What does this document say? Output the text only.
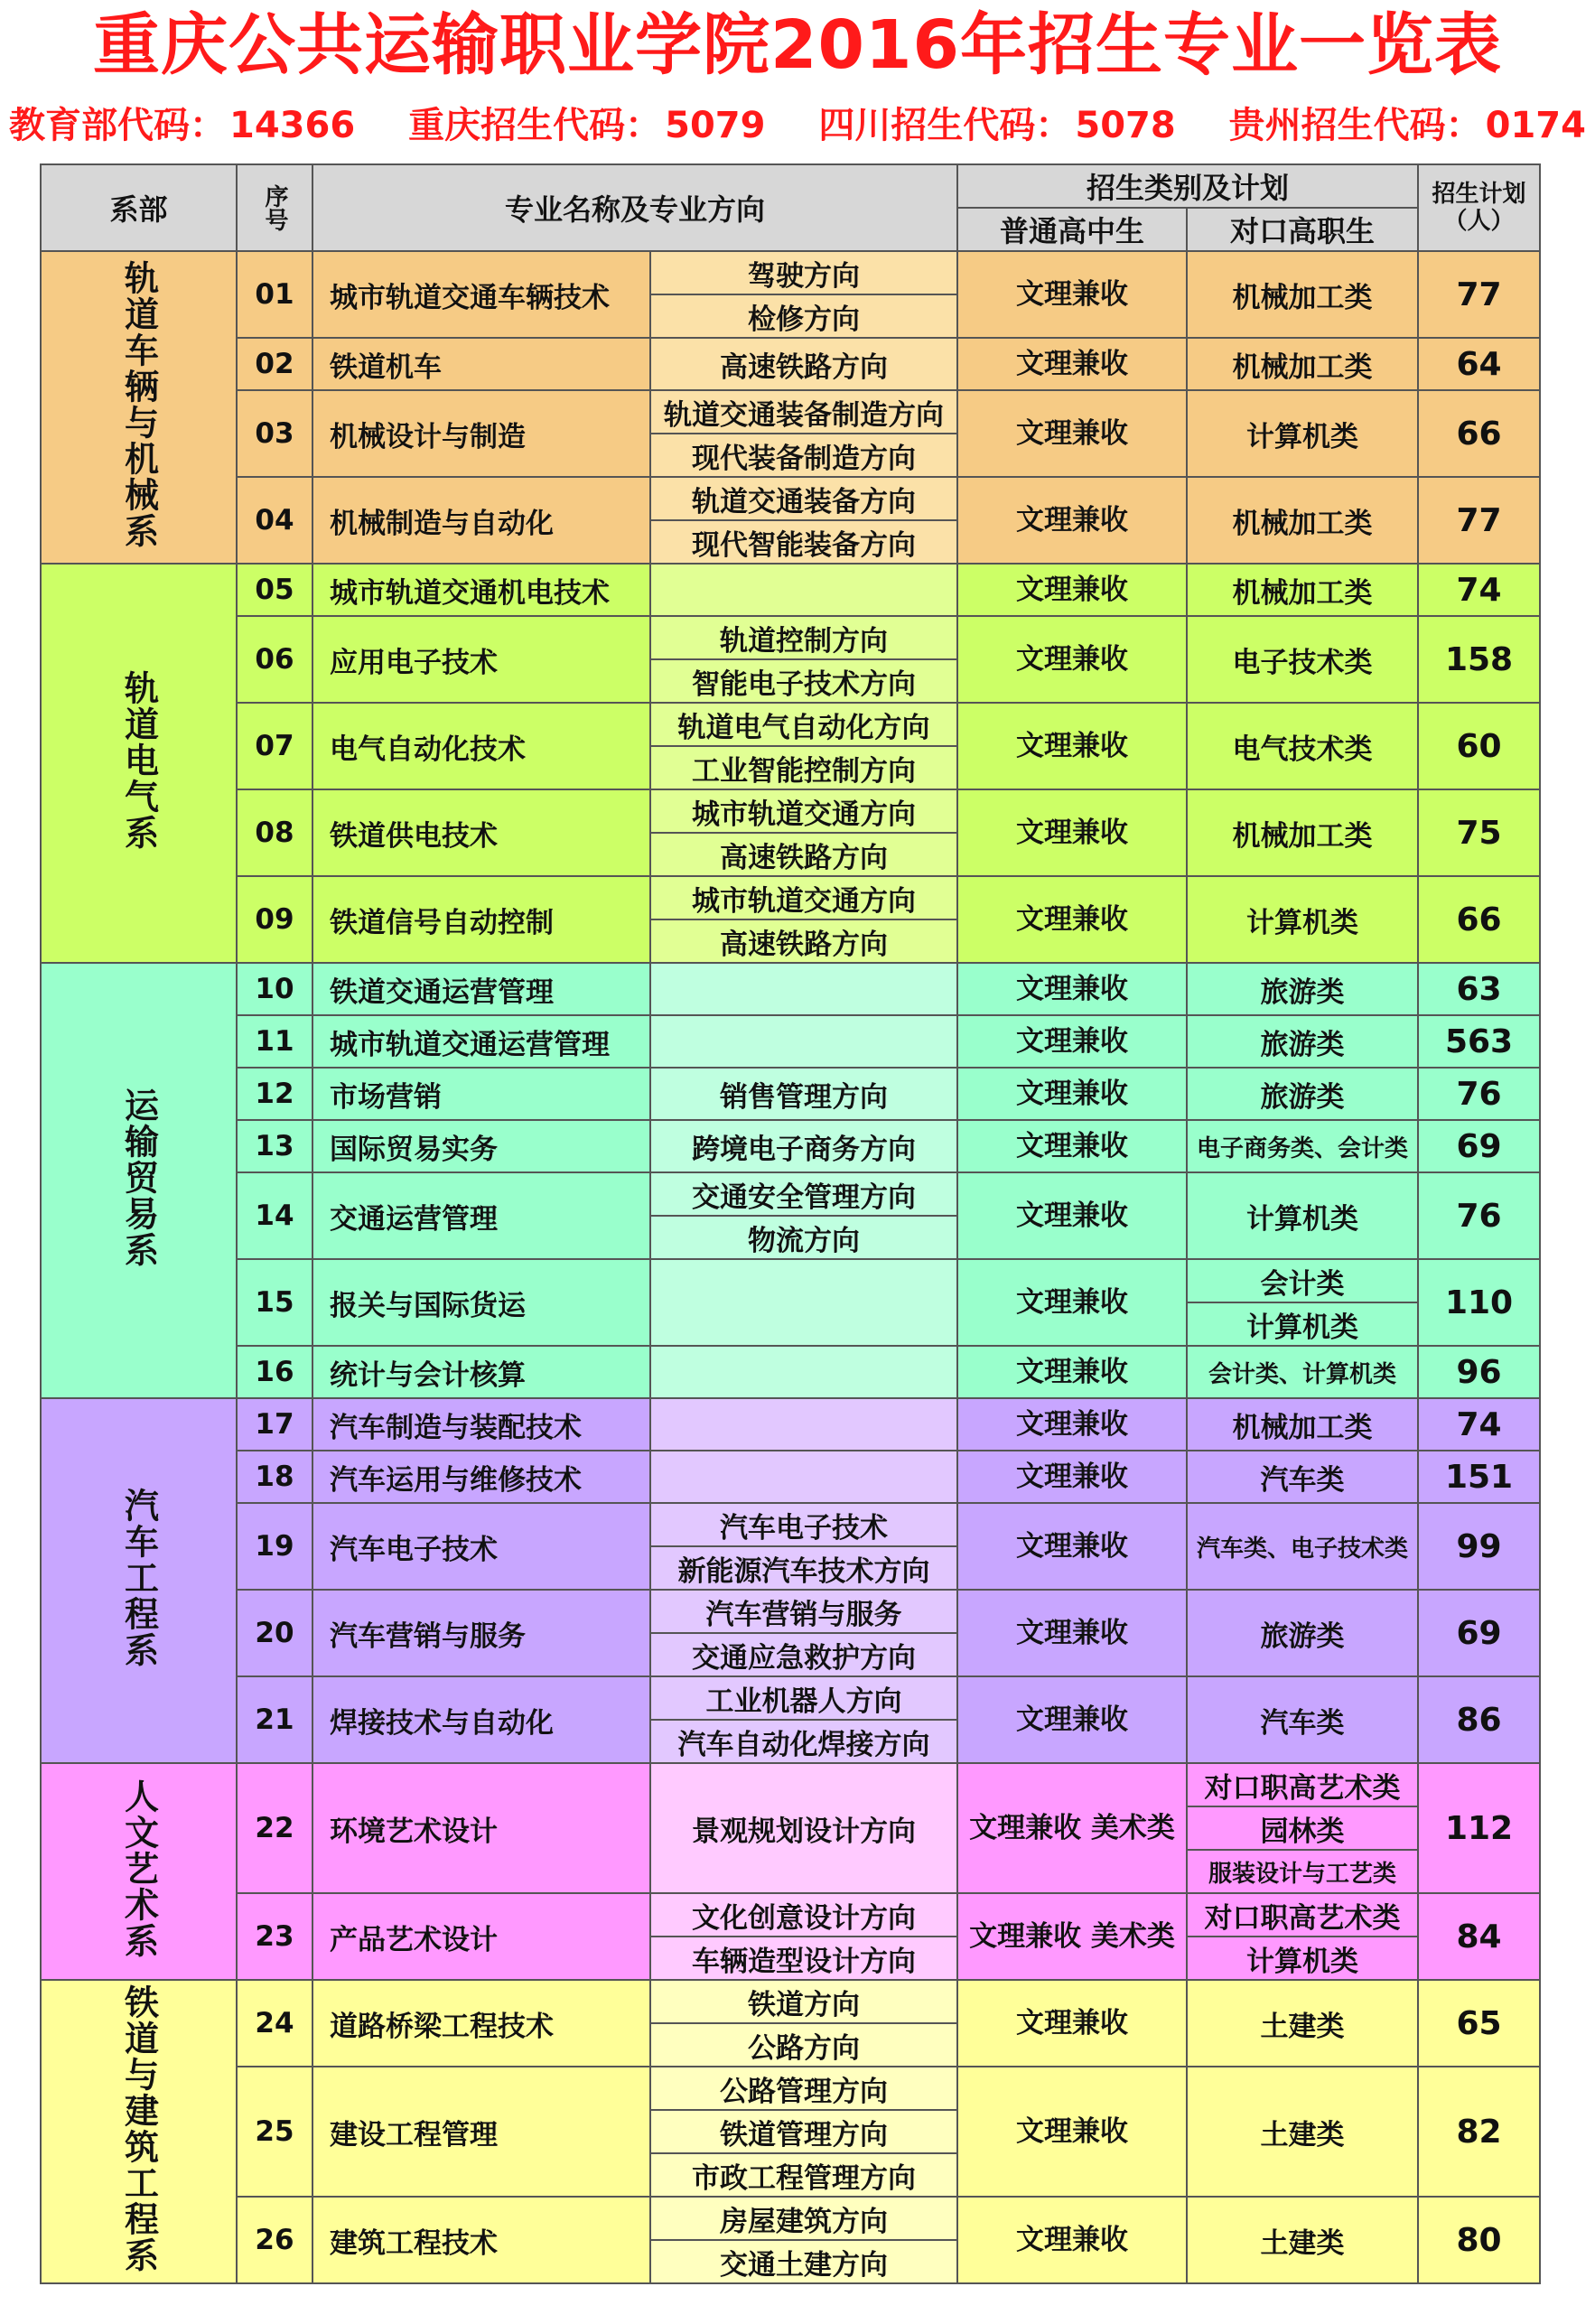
重庆公共运输职业学院2016年招生专业一览表
教育部代码： 14366 重庆招生代码： 5079 四川招生代码： 5078 贵州招生代码： 0174
系部	序号	专业名称及专业方向		招生类别及计划		招生计划（人）
				普通高中生	对口高职生	
轨道车辆与机械系	01	城市轨道交通车辆技术	驾驶方向	文理兼收	机械加工类	77
			检修方向			
	02	铁道机车	高速铁路方向	文理兼收	机械加工类	64
	03	机械设计与制造	轨道交通装备制造方向	文理兼收	计算机类	66
			现代装备制造方向			
	04	机械制造与自动化	轨道交通装备方向	文理兼收	机械加工类	77
			现代智能装备方向			
轨道电气系	05	城市轨道交通机电技术		文理兼收	机械加工类	74
	06	应用电子技术	轨道控制方向	文理兼收	电子技术类	158
			智能电子技术方向			
	07	电气自动化技术	轨道电气自动化方向	文理兼收	电气技术类	60
			工业智能控制方向			
	08	铁道供电技术	城市轨道交通方向	文理兼收	机械加工类	75
			高速铁路方向			
	09	铁道信号自动控制	城市轨道交通方向	文理兼收	计算机类	66
			高速铁路方向			
运输贸易系	10	铁道交通运营管理		文理兼收	旅游类	63
	11	城市轨道交通运营管理		文理兼收	旅游类	563
	12	市场营销	销售管理方向	文理兼收	旅游类	76
	13	国际贸易实务	跨境电子商务方向	文理兼收	电子商务类、会计类	69
	14	交通运营管理	交通安全管理方向	文理兼收	计算机类	76
			物流方向			
	15	报关与国际货运		文理兼收	会计类	110
					计算机类	
	16	统计与会计核算		文理兼收	会计类、计算机类	96
汽车工程系	17	汽车制造与装配技术		文理兼收	机械加工类	74
	18	汽车运用与维修技术		文理兼收	汽车类	151
	19	汽车电子技术	汽车电子技术	文理兼收	汽车类、电子技术类	99
			新能源汽车技术方向			
	20	汽车营销与服务	汽车营销与服务	文理兼收	旅游类	69
			交通应急救护方向			
	21	焊接技术与自动化	工业机器人方向	文理兼收	汽车类	86
			汽车自动化焊接方向			
人文艺术系	22	环境艺术设计	景观规划设计方向	文理兼收 美术类	对口职高艺术类	112
					园林类	
					服装设计与工艺类	
	23	产品艺术设计	文化创意设计方向	文理兼收 美术类	对口职高艺术类	84
			车辆造型设计方向		计算机类	
铁道与建筑工程系	24	道路桥梁工程技术	铁道方向	文理兼收	土建类	65
			公路方向			
	25	建设工程管理	公路管理方向	文理兼收	土建类	82
			铁道管理方向			
			市政工程管理方向			
	26	建筑工程技术	房屋建筑方向	文理兼收	土建类	80
			交通土建方向			
